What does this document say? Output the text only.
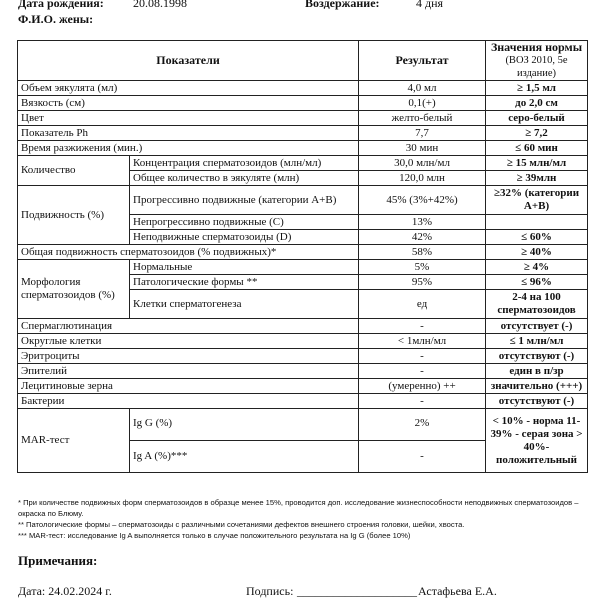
Дата рождения: 20.08.1998	Воздержание:	4 дня
Ф.И.О. жены:
Показатели		Результат	Значения нормы
(ВОЗ 2010, 5е издание)

Объем эякулята (мл)		4,0 мл	≥ 1,5 мл
Вязкость (см)		0,1(+)	до 2,0 см
Цвет		желто-белый	серо-белый
Показатель Ph		7,7	≥ 7,2
Время разжижения (мин.)		30 мин	≤ 60 мин
Количество	Концентрация сперматозоидов (млн/мл)	30,0 млн/мл	≥ 15 млн/мл
	Общее количество в эякуляте (млн)	120,0 млн	≥ 39млн
Подвижность (%)	Прогрессивно подвижные (категории A+B)	45% (3%+42%)	≥32% (категории A+B)
	Непрогрессивно подвижные (C)	13%	
	Неподвижные сперматозоиды (D)	42%	≤ 60%
Общая подвижность сперматозоидов (% подвижных)*		58%	≥ 40%
Морфология сперматозоидов (%)	Нормальные	5%	≥ 4%
	Патологические формы **	95%	≤ 96%
	Клетки сперматогенеза	ед	2-4 на 100 сперматозоидов
Спермаглютинация		-	отсутствует (-)
Округлые клетки		< 1млн/мл	≤ 1 млн/мл
Эритроциты		-	отсутствуют (-)
Эпителий		-	един в п/зр
Лецитиновые зерна		(умеренно) ++	значительно (+++)
Бактерии		-	отсутствуют (-)
MAR-тест	Ig G (%)	2%	< 10% - норма 11-39% - серая зона > 40%-положительный
	Ig A (%)***	-	
* При количестве подвижных форм сперматозоидов в образце менее 15%, проводится доп. исследование жизнеспособности неподвижных сперматозоидов – окраска по Блюму.
** Патологические формы – сперматозоиды с различными сочетаниями дефектов внешнего строения головки, шейки, хвоста.
*** MAR-тест: исследование Ig A выполняется только в случае положительного результата на Ig G (более 10%)
Примечания:
Дата: 24.02.2024 г.	Подпись: ____________________ Астафьева Е.А.
